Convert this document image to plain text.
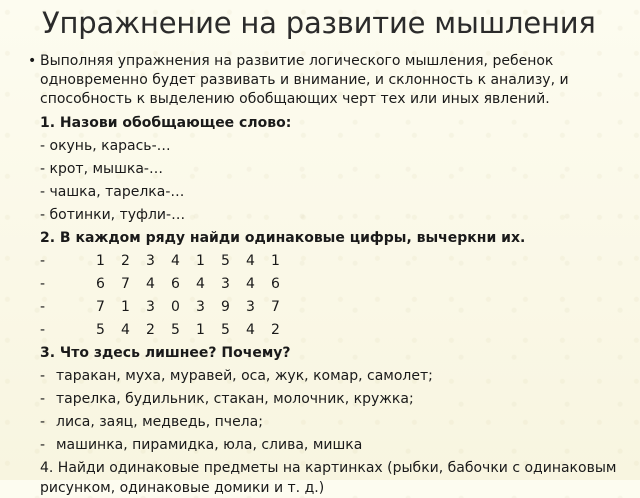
Упражнение на развитие мышления

• Выполняя упражнения на развитие логического мышления, ребенок одновременно будет развивать и внимание, и склонность к анализу, и способность к выделению обобщающих черт тех или иных явлений.

1. Назови обобщающее слово:

- окунь, карась-…

- крот, мышка-…

- чашка, тарелка-…

- ботинки, туфли-…

2. В каждом ряду найди одинаковые цифры, вычеркни их.

-	1 2 3 4 1 5 4 1

-	6 7 4 6 4 3 4 6

-	7 1 3 0 3 9 3 7

-	5 4 2 5 1 5 4 2

3. Что здесь лишнее? Почему?

- таракан, муха, муравей, оса, жук, комар, самолет;

- тарелка, будильник, стакан, молочник, кружка;

- лиса, заяц, медведь, пчела;

- машинка, пирамидка, юла, слива, мишка

4. Найди одинаковые предметы на картинках (рыбки, бабочки с одинаковым рисунком, одинаковые домики и т. д.)
